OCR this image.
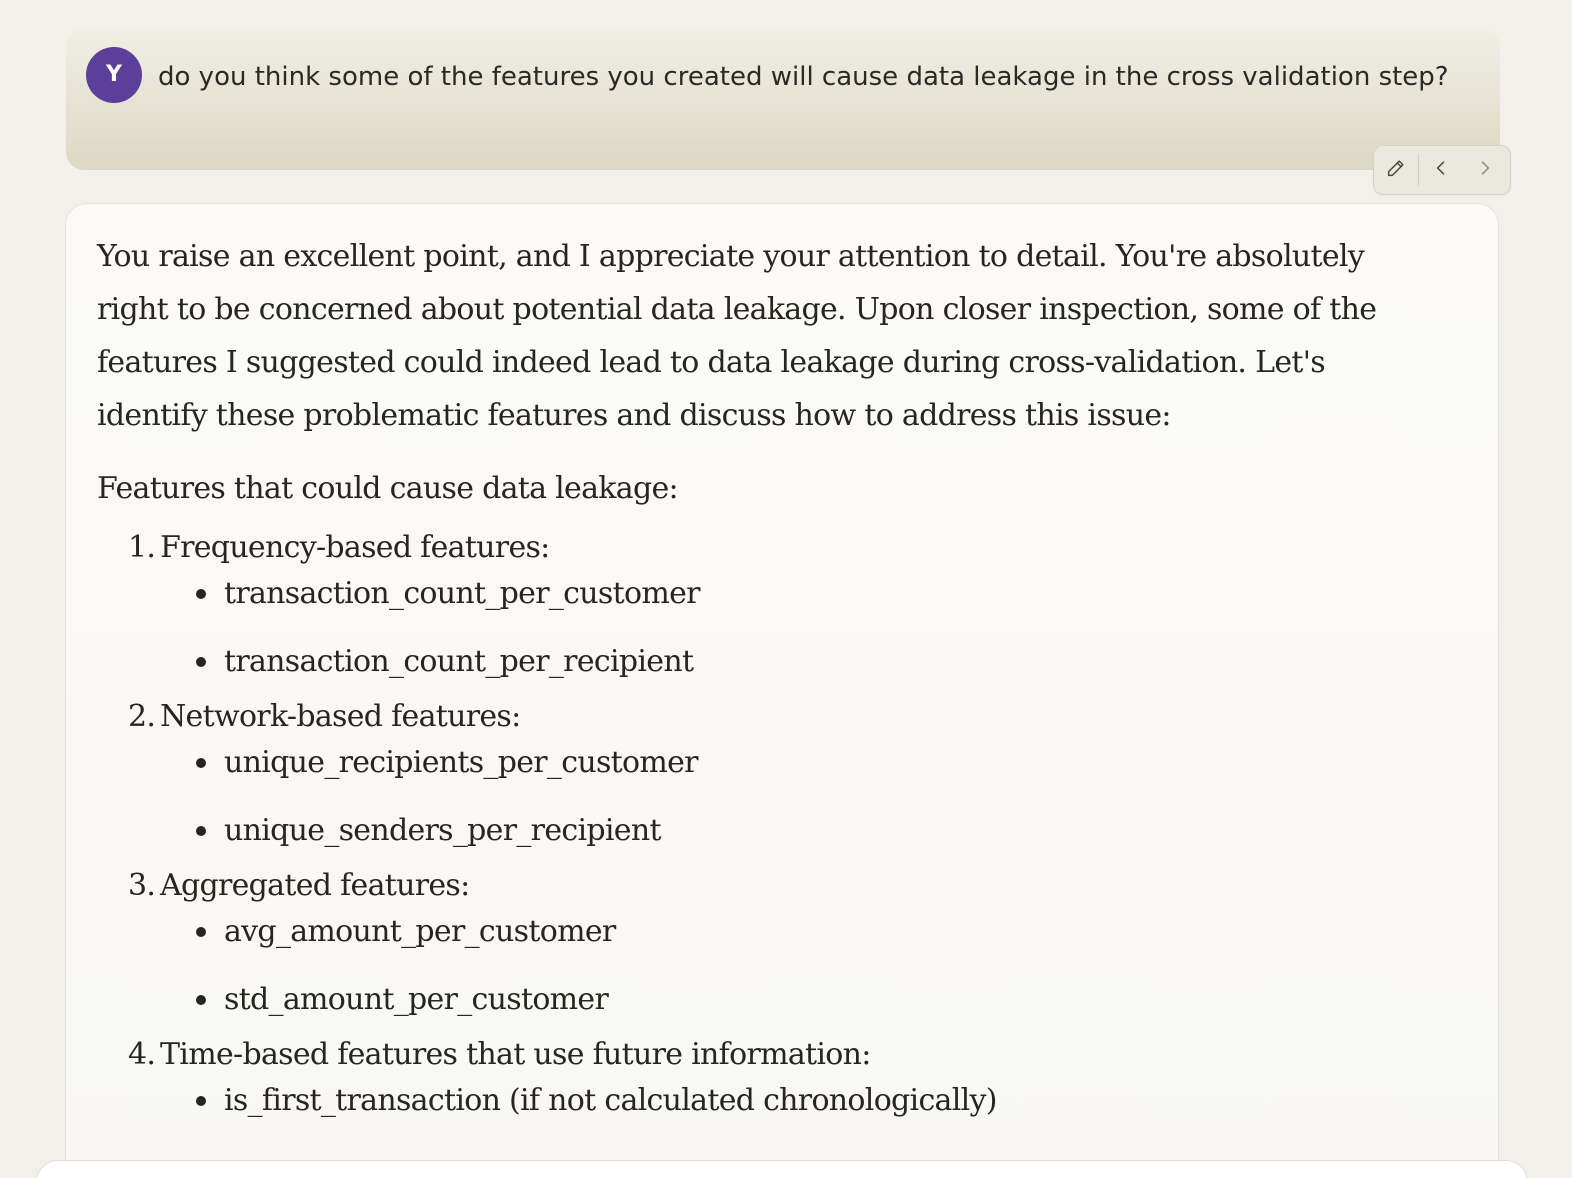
Y	do you think some of the features you created will cause data leakage in the cross validation step?

You raise an excellent point, and I appreciate your attention to detail. You're absolutely right to be concerned about potential data leakage. Upon closer inspection, some of the features I suggested could indeed lead to data leakage during cross-validation. Let's identify these problematic features and discuss how to address this issue:

Features that could cause data leakage:

1. Frequency-based features:
transaction_count_per_customer
transaction_count_per_recipient
2. Network-based features:
unique_recipients_per_customer
unique_senders_per_recipient
3. Aggregated features:
avg_amount_per_customer
std_amount_per_customer
4. Time-based features that use future information:
is_first_transaction (if not calculated chronologically)
